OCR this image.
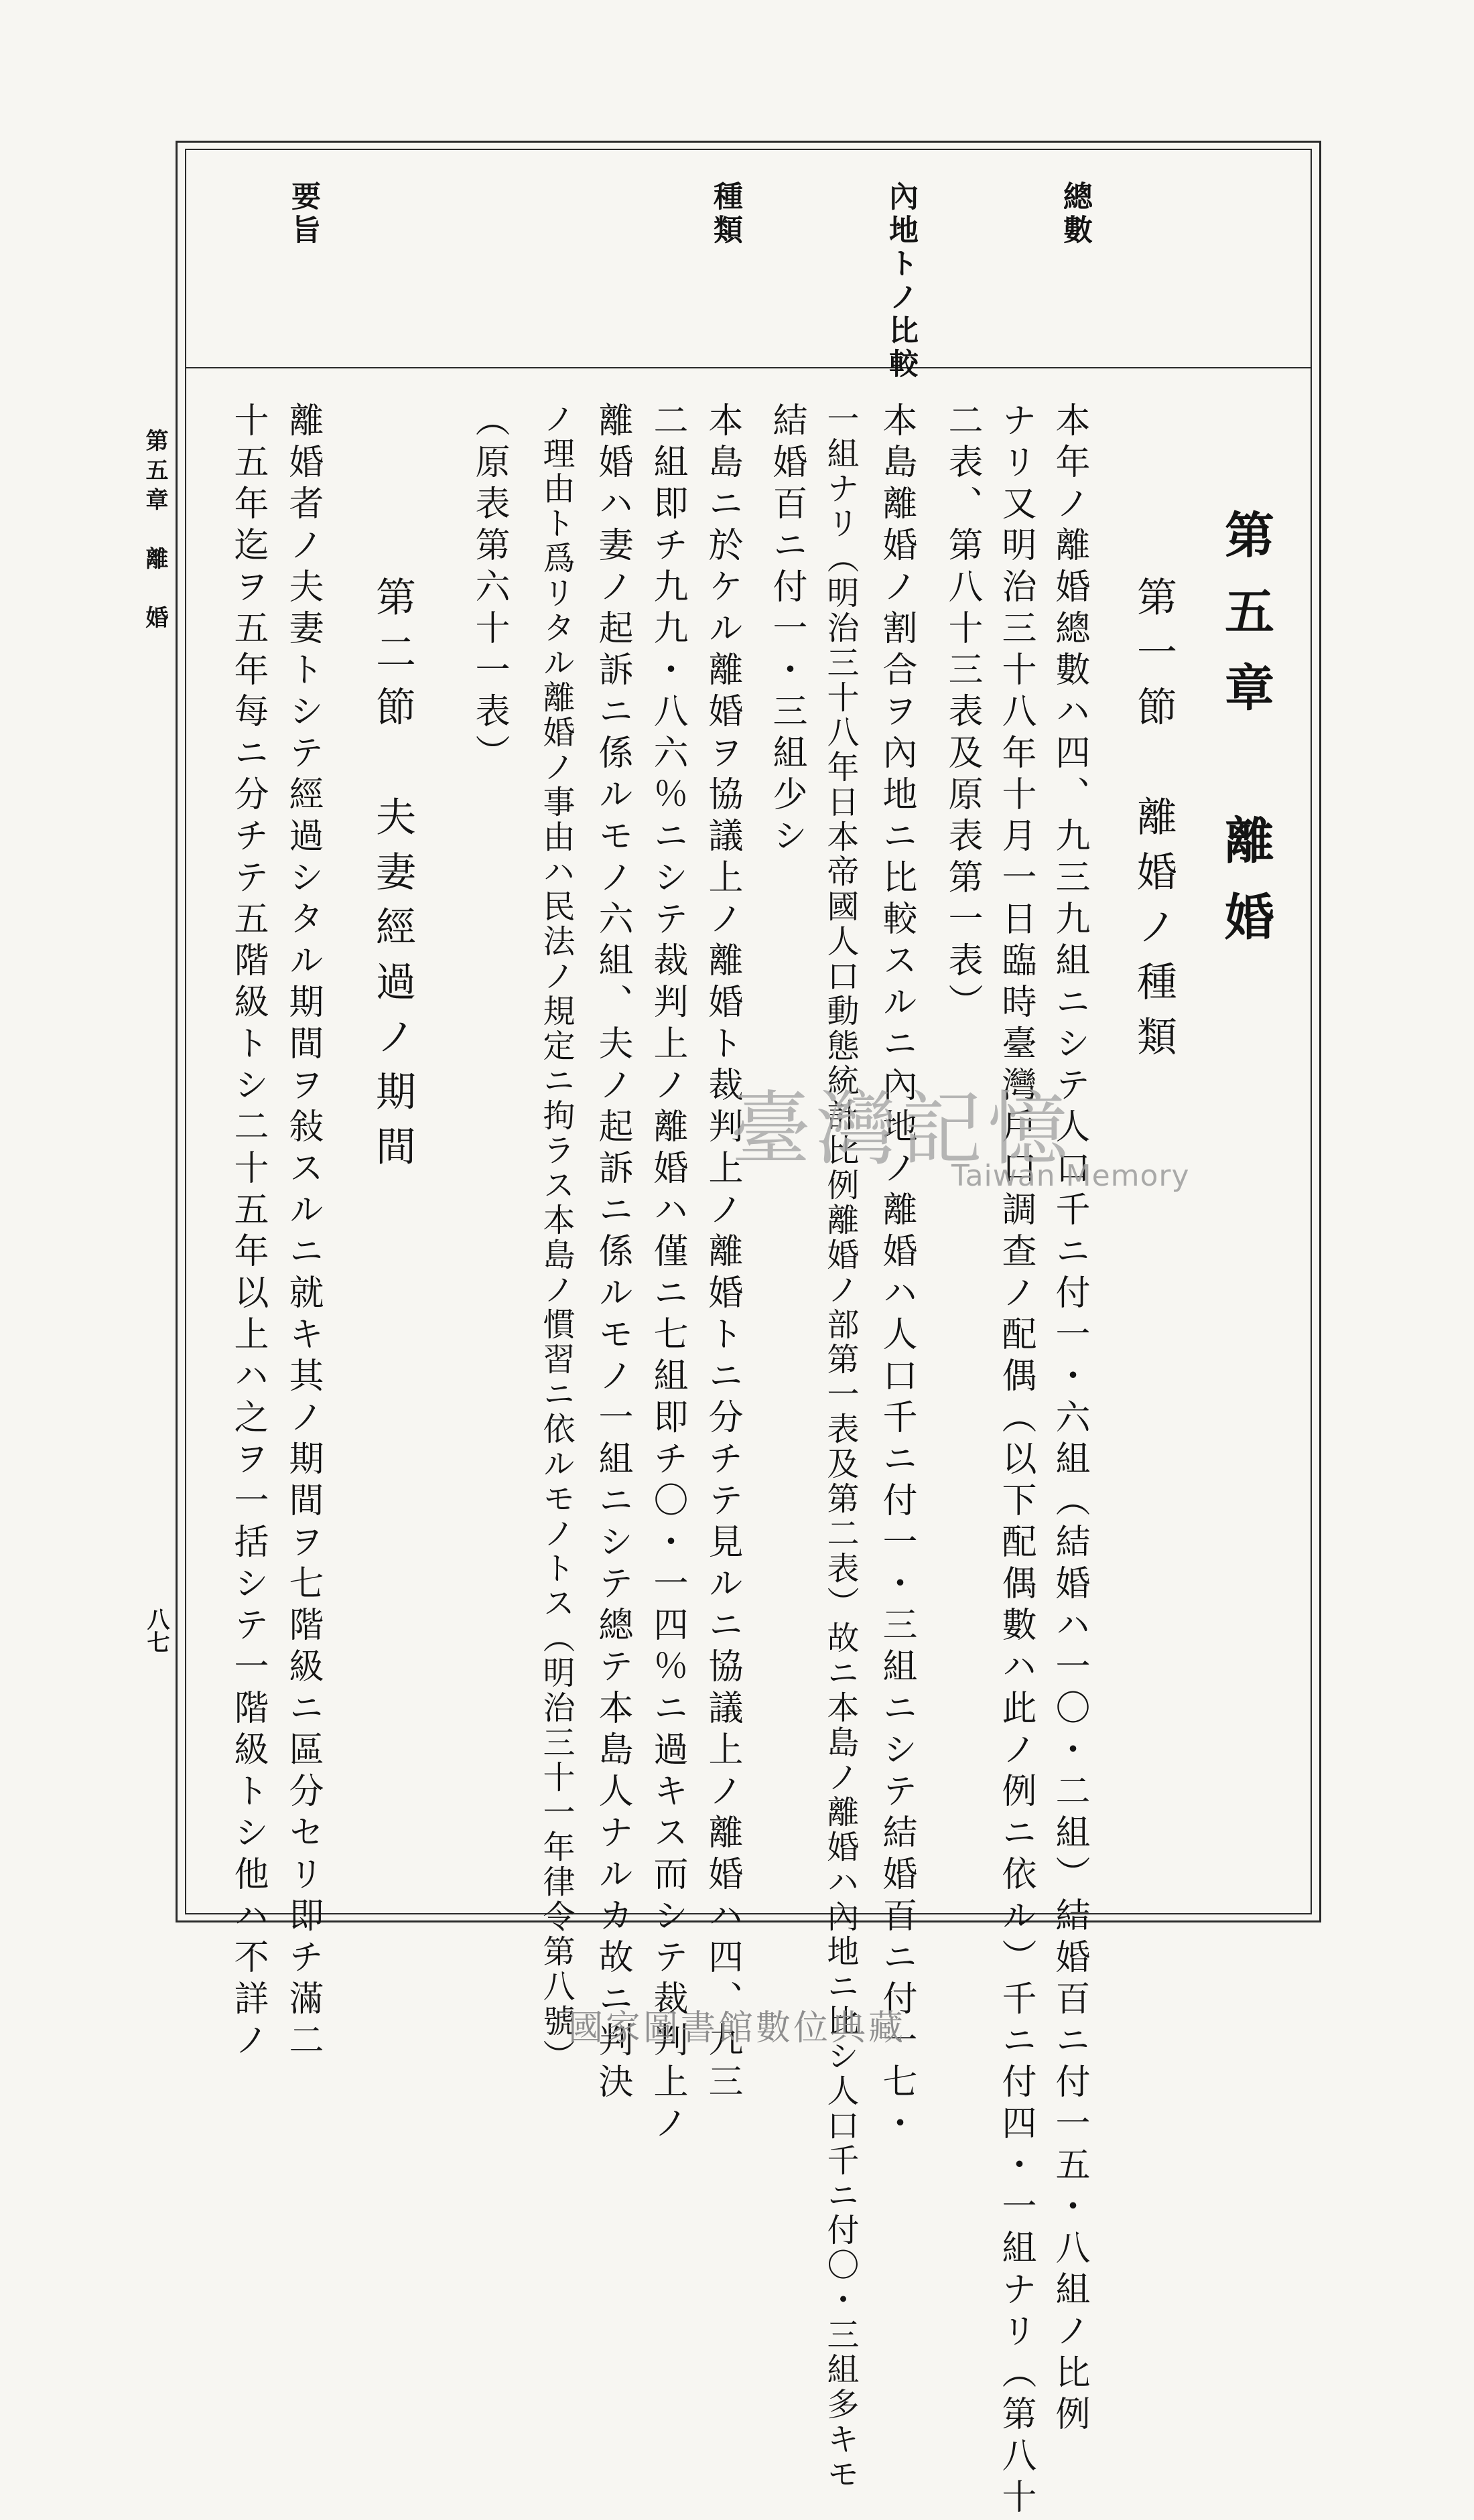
總數
內地トノ比較
種類
要旨
第五章　離婚
第一節　離婚ノ種類
第二節　夫妻經過ノ期間	本年ノ離婚總數ハ四、九三九組ニシテ人口千ニ付一・六組（結婚ハ一〇・二組）結婚百ニ付一五・八組ノ比例
ナリ又明治三十八年十月一日臨時臺灣戶口調查ノ配偶（以下配偶數ハ此ノ例ニ依ル）千ニ付四・一組ナリ（第八十
二表、第八十三表及原表第一表）
本島離婚ノ割合ヲ內地ニ比較スルニ內地ノ離婚ハ人口千ニ付一・三組ニシテ結婚百ニ付一七・
一組ナリ（明治三十八年日本帝國人口動態統計比例離婚ノ部第一表及第二表）故ニ本島ノ離婚ハ內地ニ比シ人口千ニ付〇・三組多キモ
結婚百ニ付一・三組少シ
本島ニ於ケル離婚ヲ協議上ノ離婚ト裁判上ノ離婚トニ分チテ見ルニ協議上ノ離婚ハ四、九三
二組即チ九九・八六％ニシテ裁判上ノ離婚ハ僅ニ七組即チ〇・一四％ニ過キス而シテ裁判上ノ
離婚ハ妻ノ起訴ニ係ルモノ六組、夫ノ起訴ニ係ルモノ一組ニシテ總テ本島人ナルカ故ニ判決
ノ理由ト爲リタル離婚ノ事由ハ民法ノ規定ニ拘ラス本島ノ慣習ニ依ルモノトス（明治三十一年律令第八號）
（原表第六十一表）
離婚者ノ夫妻トシテ經過シタル期間ヲ敍スルニ就キ其ノ期間ヲ七階級ニ區分セリ即チ滿二
十五年迄ヲ五年每ニ分チテ五階級トシ二十五年以上ハ之ヲ一括シテ一階級トシ他ハ不詳ノ
第五章　離　婚
八七
臺灣記憶
Taiwan Memory
國家圖書館數位典藏
